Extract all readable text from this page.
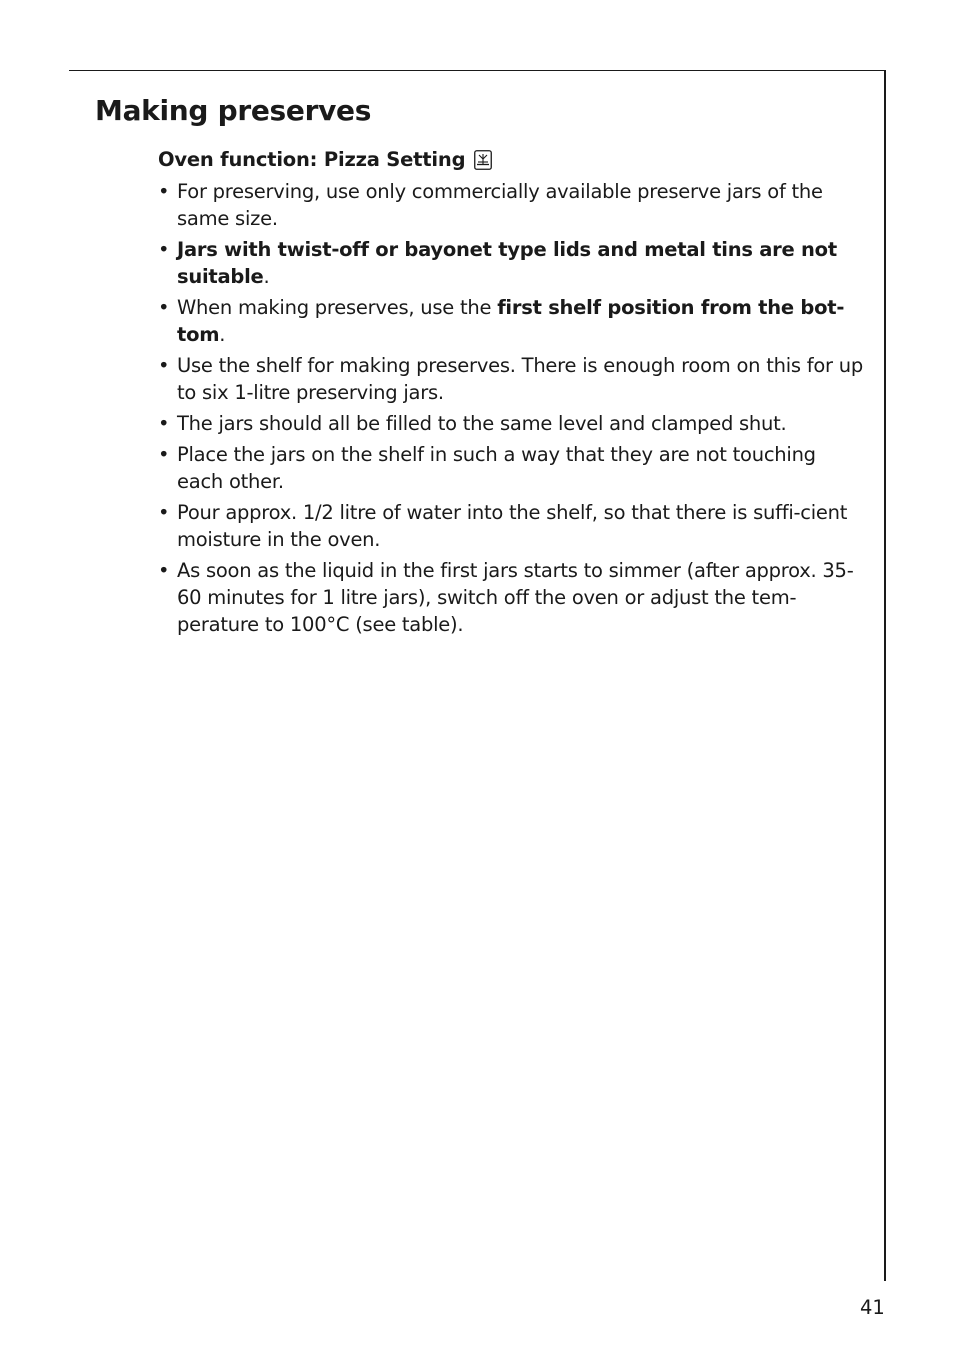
Making preserves
Oven function: Pizza Setting
• For preserving, use only commercially available preserve jars of the same size.
• Jars with twist-off or bayonet type lids and metal tins are not suitable.
• When making preserves, use the first shelf position from the bot-tom.
• Use the shelf for making preserves. There is enough room on this for up to six 1-litre preserving jars.
• The jars should all be filled to the same level and clamped shut.
• Place the jars on the shelf in such a way that they are not touching each other.
• Pour approx. 1/2 litre of water into the shelf, so that there is suffi-cient moisture in the oven.
• As soon as the liquid in the first jars starts to simmer (after approx. 35-60 minutes for 1 litre jars), switch off the oven or adjust the tem-perature to 100°C (see table).
41
